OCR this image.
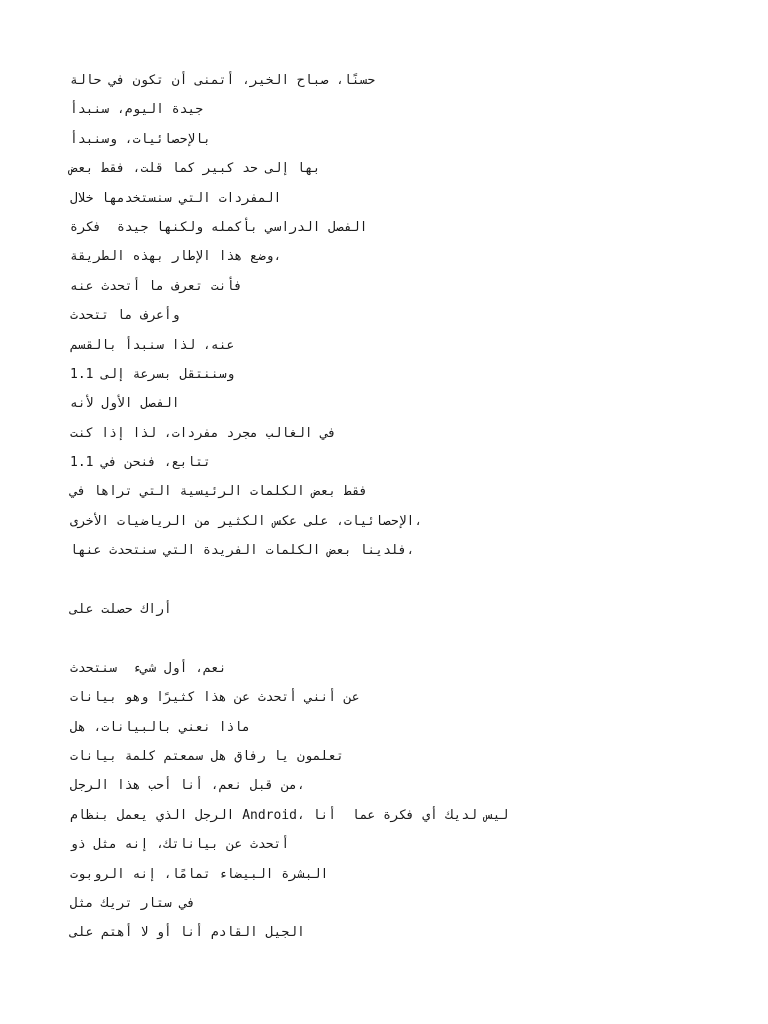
حسنًا، صباح الخير، أتمنى أن تكون في حالة
جيدة اليوم، سنبدأ
بالإحصائيات، وسنبدأ
بها إلى حد كبير كما قلت، فقط بعض
المفردات التي سنستخدمها خلال
الفصل الدراسي بأكمله ولكنها جيدة  فكرة
،وضع هذا الإطار بهذه الطريقة
فأنت تعرف ما أتحدث عنه
وأعرف ما تتحدث
عنه، لذا سنبدأ بالقسم
وسننتقل بسرعة إلى 1.1
الفصل الأول لأنه
في الغالب مجرد مفردات، لذا إذا كنت
تتابع، فنحن في 1.1
فقط بعض الكلمات الرئيسية التي تراها في
،الإحصائيات، على عكس الكثير من الرياضيات الأخرى
،فلدينا بعض الكلمات الفريدة التي سنتحدث عنها
أراك حصلت على
نعم، أول شيء  سنتحدث
عن أنني أتحدث عن هذا كثيرًا وهو بيانات
ماذا نعني بالبيانات، هل
تعلمون يا رفاق هل سمعتم كلمة بيانات
،من قبل نعم، أنا أحب هذا الرجل
ليس لديك أي فكرة عما  أنا ،Android الرجل الذي يعمل بنظام
أتحدث عن بياناتك، إنه مثل ذو
البشرة البيضاء تمامًا، إنه الروبوت
في ستار تريك مثل
الجيل القادم أنا أو لا أهتم على
